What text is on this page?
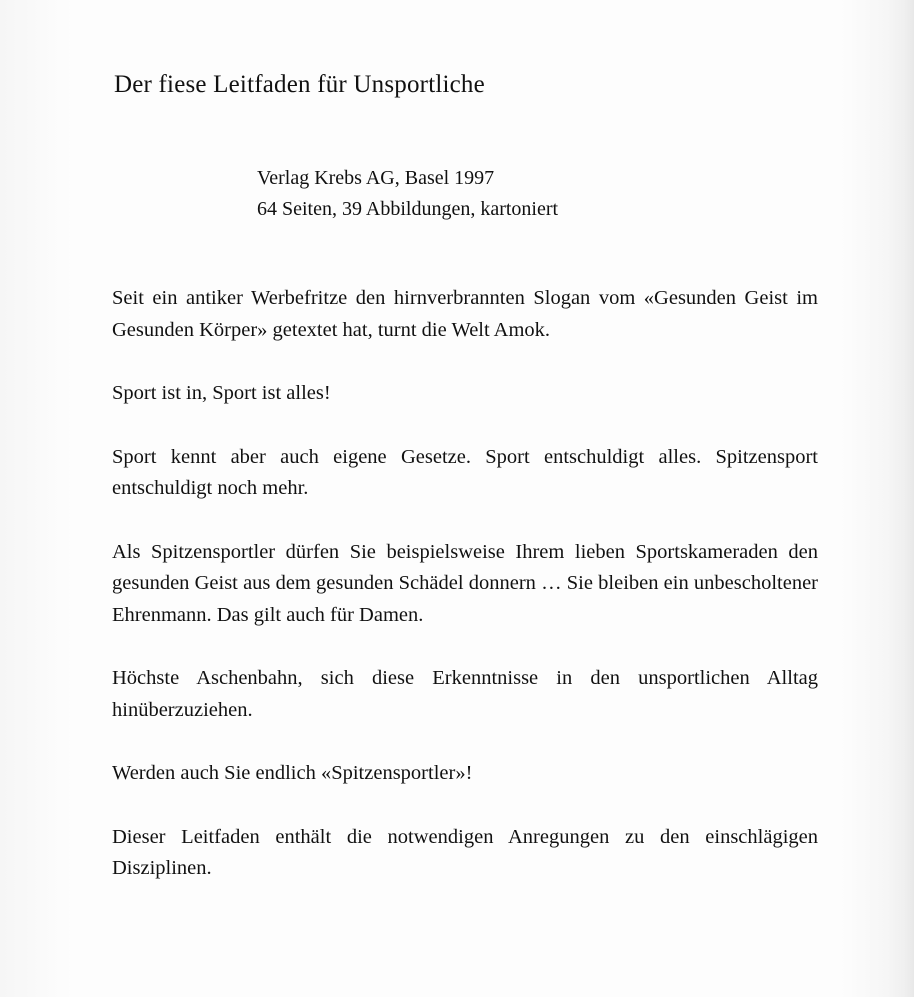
Der fiese Leitfaden für Unsportliche
Verlag Krebs AG, Basel 1997
64 Seiten, 39 Abbildungen, kartoniert

Seit ein antiker Werbefritze den hirnverbrannten Slogan vom «Gesunden Geist im Gesunden Körper» getextet hat, turnt die Welt Amok.

Sport ist in, Sport ist alles!

Sport kennt aber auch eigene Gesetze. Sport entschuldigt alles. Spitzensport entschuldigt noch mehr.

Als Spitzensportler dürfen Sie beispielsweise Ihrem lieben Sportskameraden den gesunden Geist aus dem gesunden Schädel donnern … Sie bleiben ein unbescholtener Ehrenmann. Das gilt auch für Damen.

Höchste Aschenbahn, sich diese Erkenntnisse in den unsportlichen Alltag hinüberzuziehen.

Werden auch Sie endlich «Spitzensportler»!

Dieser Leitfaden enthält die notwendigen Anregungen zu den einschlägigen Disziplinen.
